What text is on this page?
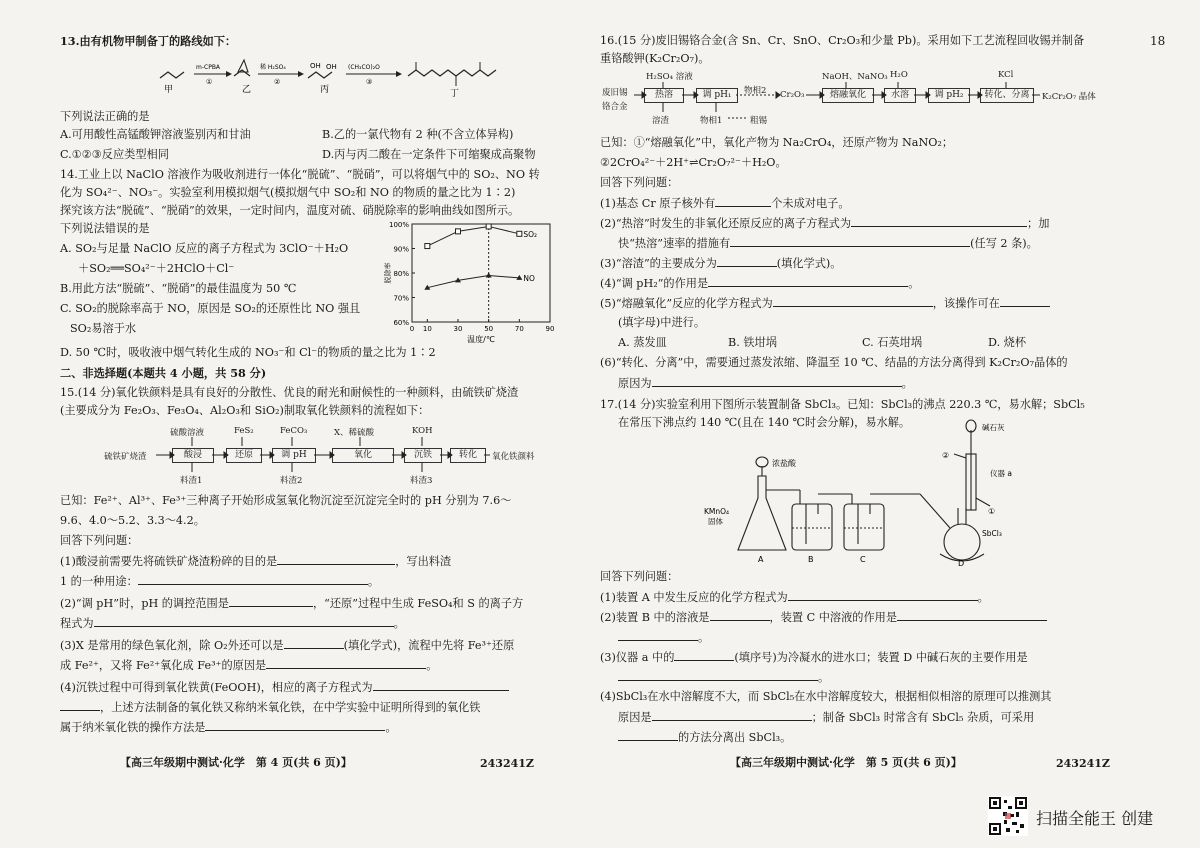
18
13.由有机物甲制备丁的路线如下：
甲
m-CPBA
①
乙
稀 H₂SO₄
②
OH OH
丙
(CH₃CO)₂O
③
丁
下列说法正确的是
A.可用酸性高锰酸钾溶液鉴别丙和甘油	B.乙的一氯代物有 2 种(不含立体异构)
C.①②③反应类型相同	D.丙与丙二酸在一定条件下可缩聚成高聚物
14.工业上以 NaClO 溶液作为吸收剂进行一体化“脱硫”、“脱硝”，可以将烟气中的 SO₂、NO 转
化为 SO₄²⁻、NO₃⁻。实验室利用模拟烟气(模拟烟气中 SO₂和 NO 的物质的量之比为 1∶2)
探究该方法“脱硫”、“脱硝”的效果，一定时间内，温度对硫、硝脱除率的影响曲线如图所示。
下列说法错误的是
A. SO₂与足量 NaClO 反应的离子方程式为 3ClO⁻＋H₂O
＋SO₂══SO₄²⁻＋2HClO＋Cl⁻
B.用此方法“脱硫”、“脱硝”的最佳温度为 50 ℃
C. SO₂的脱除率高于 NO，原因是 SO₂的还原性比 NO 强且
SO₂易溶于水	60%
70%
80%
90%
100%
0 10	30	50	70	90
温度/℃
脱除率
SO₂
NO
D. 50 ℃时，吸收液中烟气转化生成的 NO₃⁻和 Cl⁻的物质的量之比为 1∶2
二、非选择题(本题共 4 小题，共 58 分)
15.(14 分)氧化铁颜料是具有良好的分散性、优良的耐光和耐候性的一种颜料，由硫铁矿烧渣
(主要成分为 Fe₂O₃、Fe₃O₄、Al₂O₃和 SiO₂)制取氧化铁颜料的流程如下：
硫铁矿烧渣	酸浸	还原	调 pH	氧化	沉铁	转化	氧化铁颜料
硫酸溶液	FeS₂	FeCO₃	X、稀硫酸	KOH
料渣1	料渣2	料渣3
已知：Fe²⁺、Al³⁺、Fe³⁺三种离子开始形成氢氧化物沉淀至沉淀完全时的 pH 分别为 7.6～
9.6、4.0～5.2、3.3～4.2。
回答下列问题：
(1)酸浸前需要先将硫铁矿烧渣粉碎的目的是	，写出料渣
1 的一种用途：	。
(2)“调 pH”时，pH 的调控范围是	，“还原”过程中生成 FeSO₄和 S 的离子方
程式为	。
(3)X 是常用的绿色氧化剂，除 O₂外还可以是	(填化学式)，流程中先将 Fe³⁺还原
成 Fe²⁺，又将 Fe²⁺氧化成 Fe³⁺的原因是	。
(4)沉铁过程中可得到氧化铁黄(FeOOH)，相应的离子方程式为
，上述方法制备的氧化铁又称纳米氧化铁，在中学实验中证明所得到的氧化铁
属于纳米氧化铁的操作方法是	。
【高三年级期中测试·化学　第 4 页(共 6 页)】	243241Z
16.(15 分)废旧锡铬合金(含 Sn、Cr、SnO、Cr₂O₃和少量 Pb)。采用如下工艺流程回收锡并制备
重铬酸钾(K₂Cr₂O₇)。
废旧锡
铬合金
热溶	调 pH₁	物相2 Cr₂O₃	熔融氧化	水溶	调 pH₂	转化、分离	K₂Cr₂O₇ 晶体
H₂SO₄ 溶液	NaOH、NaNO₃ H₂O	KCl
溶渣	物相1	粗锡
已知：①“熔融氧化”中，氧化产物为 Na₂CrO₄，还原产物为 NaNO₂；
②2CrO₄²⁻＋2H⁺⇌Cr₂O₇²⁻＋H₂O。
回答下列问题：
(1)基态 Cr 原子核外有	个未成对电子。
(2)“热溶”时发生的非氧化还原反应的离子方程式为	；加
快“热溶”速率的措施有	(任写 2 条)。
(3)“溶渣”的主要成分为	(填化学式)。
(4)“调 pH₂”的作用是	。
(5)“熔融氧化”反应的化学方程式为	，该操作可在
(填字母)中进行。
A. 蒸发皿	B. 铁坩埚	C. 石英坩埚	D. 烧杯
(6)“转化、分离”中，需要通过蒸发浓缩、降温至 10 ℃、结晶的方法分离得到 K₂Cr₂O₇晶体的
原因为	。
17.(14 分)实验室利用下图所示装置制备 SbCl₃。已知：SbCl₃的沸点 220.3 ℃，易水解；SbCl₅
在常压下沸点约 140 ℃(且在 140 ℃时会分解)，易水解。
浓盐酸
KMnO₄
固体
碱石灰
仪器 a
SbCl₃
①
②
A	B	C	D
回答下列问题：
(1)装置 A 中发生反应的化学方程式为	。
(2)装置 B 中的溶液是	，装置 C 中溶液的作用是
。
(3)仪器 a 中的	(填序号)为冷凝水的进水口；装置 D 中碱石灰的主要作用是
。
(4)SbCl₃在水中溶解度不大，而 SbCl₅在水中溶解度较大，根据相似相溶的原理可以推测其
原因是	；制备 SbCl₃ 时常含有 SbCl₅ 杂质，可采用
的方法分离出 SbCl₃。
【高三年级期中测试·化学　第 5 页(共 6 页)】	243241Z
扫描全能王 创建
